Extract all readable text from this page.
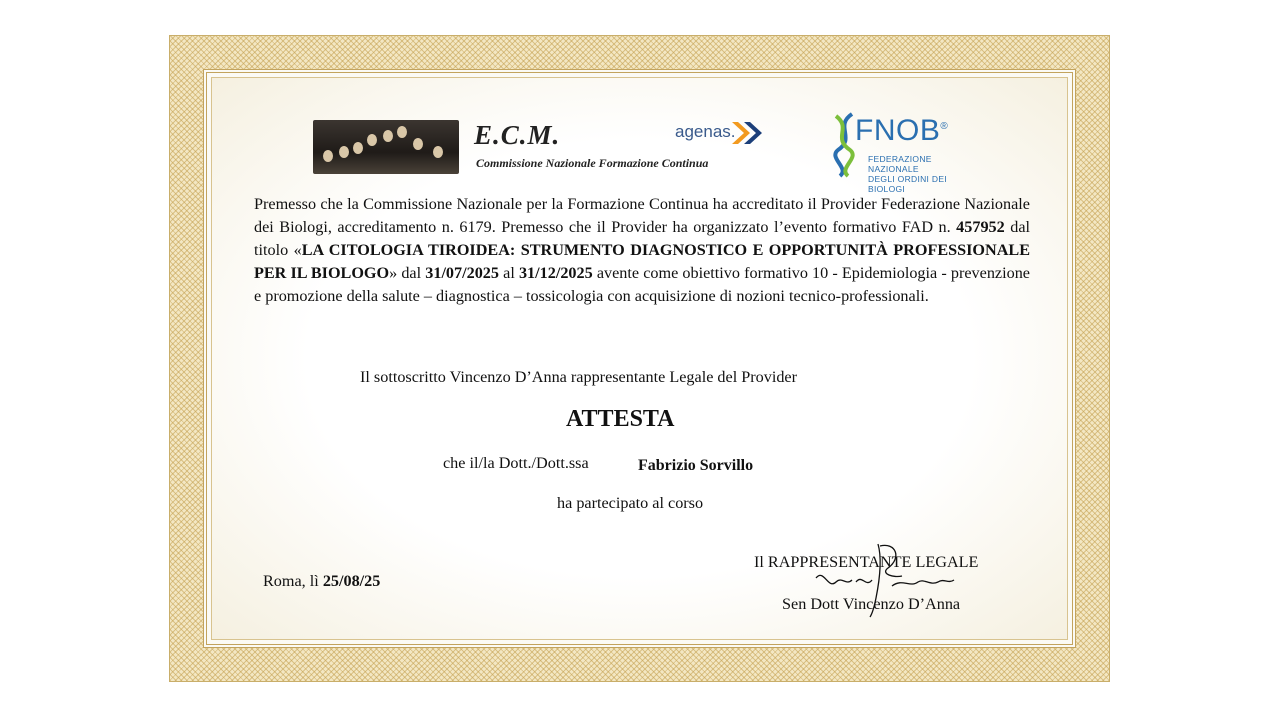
E.C.M.
Commissione Nazionale Formazione Continua
agenas.	FNOB®
FEDERAZIONE NAZIONALE
DEGLI ORDINI DEI BIOLOGI
Premesso che la Commissione Nazionale per la Formazione Continua ha accreditato il Provider Federazione Nazionale dei Biologi, accreditamento n. 6179. Premesso che il Provider ha organizzato l’evento formativo FAD n. 457952 dal titolo «LA CITOLOGIA TIROIDEA: STRUMENTO DIAGNOSTICO E OPPORTUNITÀ PROFESSIONALE PER IL BIOLOGO» dal 31/07/2025 al 31/12/2025 avente come obiettivo formativo 10 - Epidemiologia - prevenzione e promozione della salute – diagnostica – tossicologia con acquisizione di nozioni tecnico-professionali.
Il sottoscritto Vincenzo D’Anna rappresentante Legale del Provider
ATTESTA
che il/la Dott./Dott.ssa	Fabrizio Sorvillo
ha partecipato al corso
Roma, lì 25/08/25
Il RAPPRESENTANTE LEGALE
Sen Dott Vincenzo D’Anna
